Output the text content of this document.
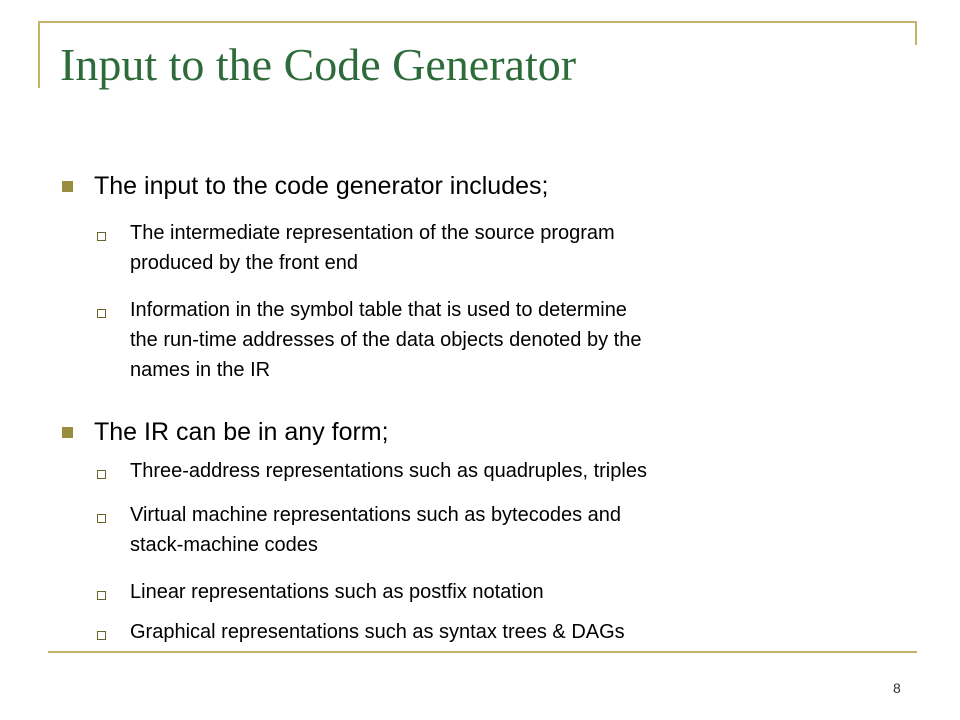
Input to the Code Generator
The input to the code generator includes;
The intermediate representation of the source program
produced by the front end
Information in the symbol table that is used to determine
the run-time addresses of the data objects denoted by the
names in the IR
The IR can be in any form;
Three-address representations such as quadruples, triples
Virtual machine representations such as bytecodes and
stack-machine codes
Linear representations such as postfix notation
Graphical representations such as syntax trees & DAGs
8
